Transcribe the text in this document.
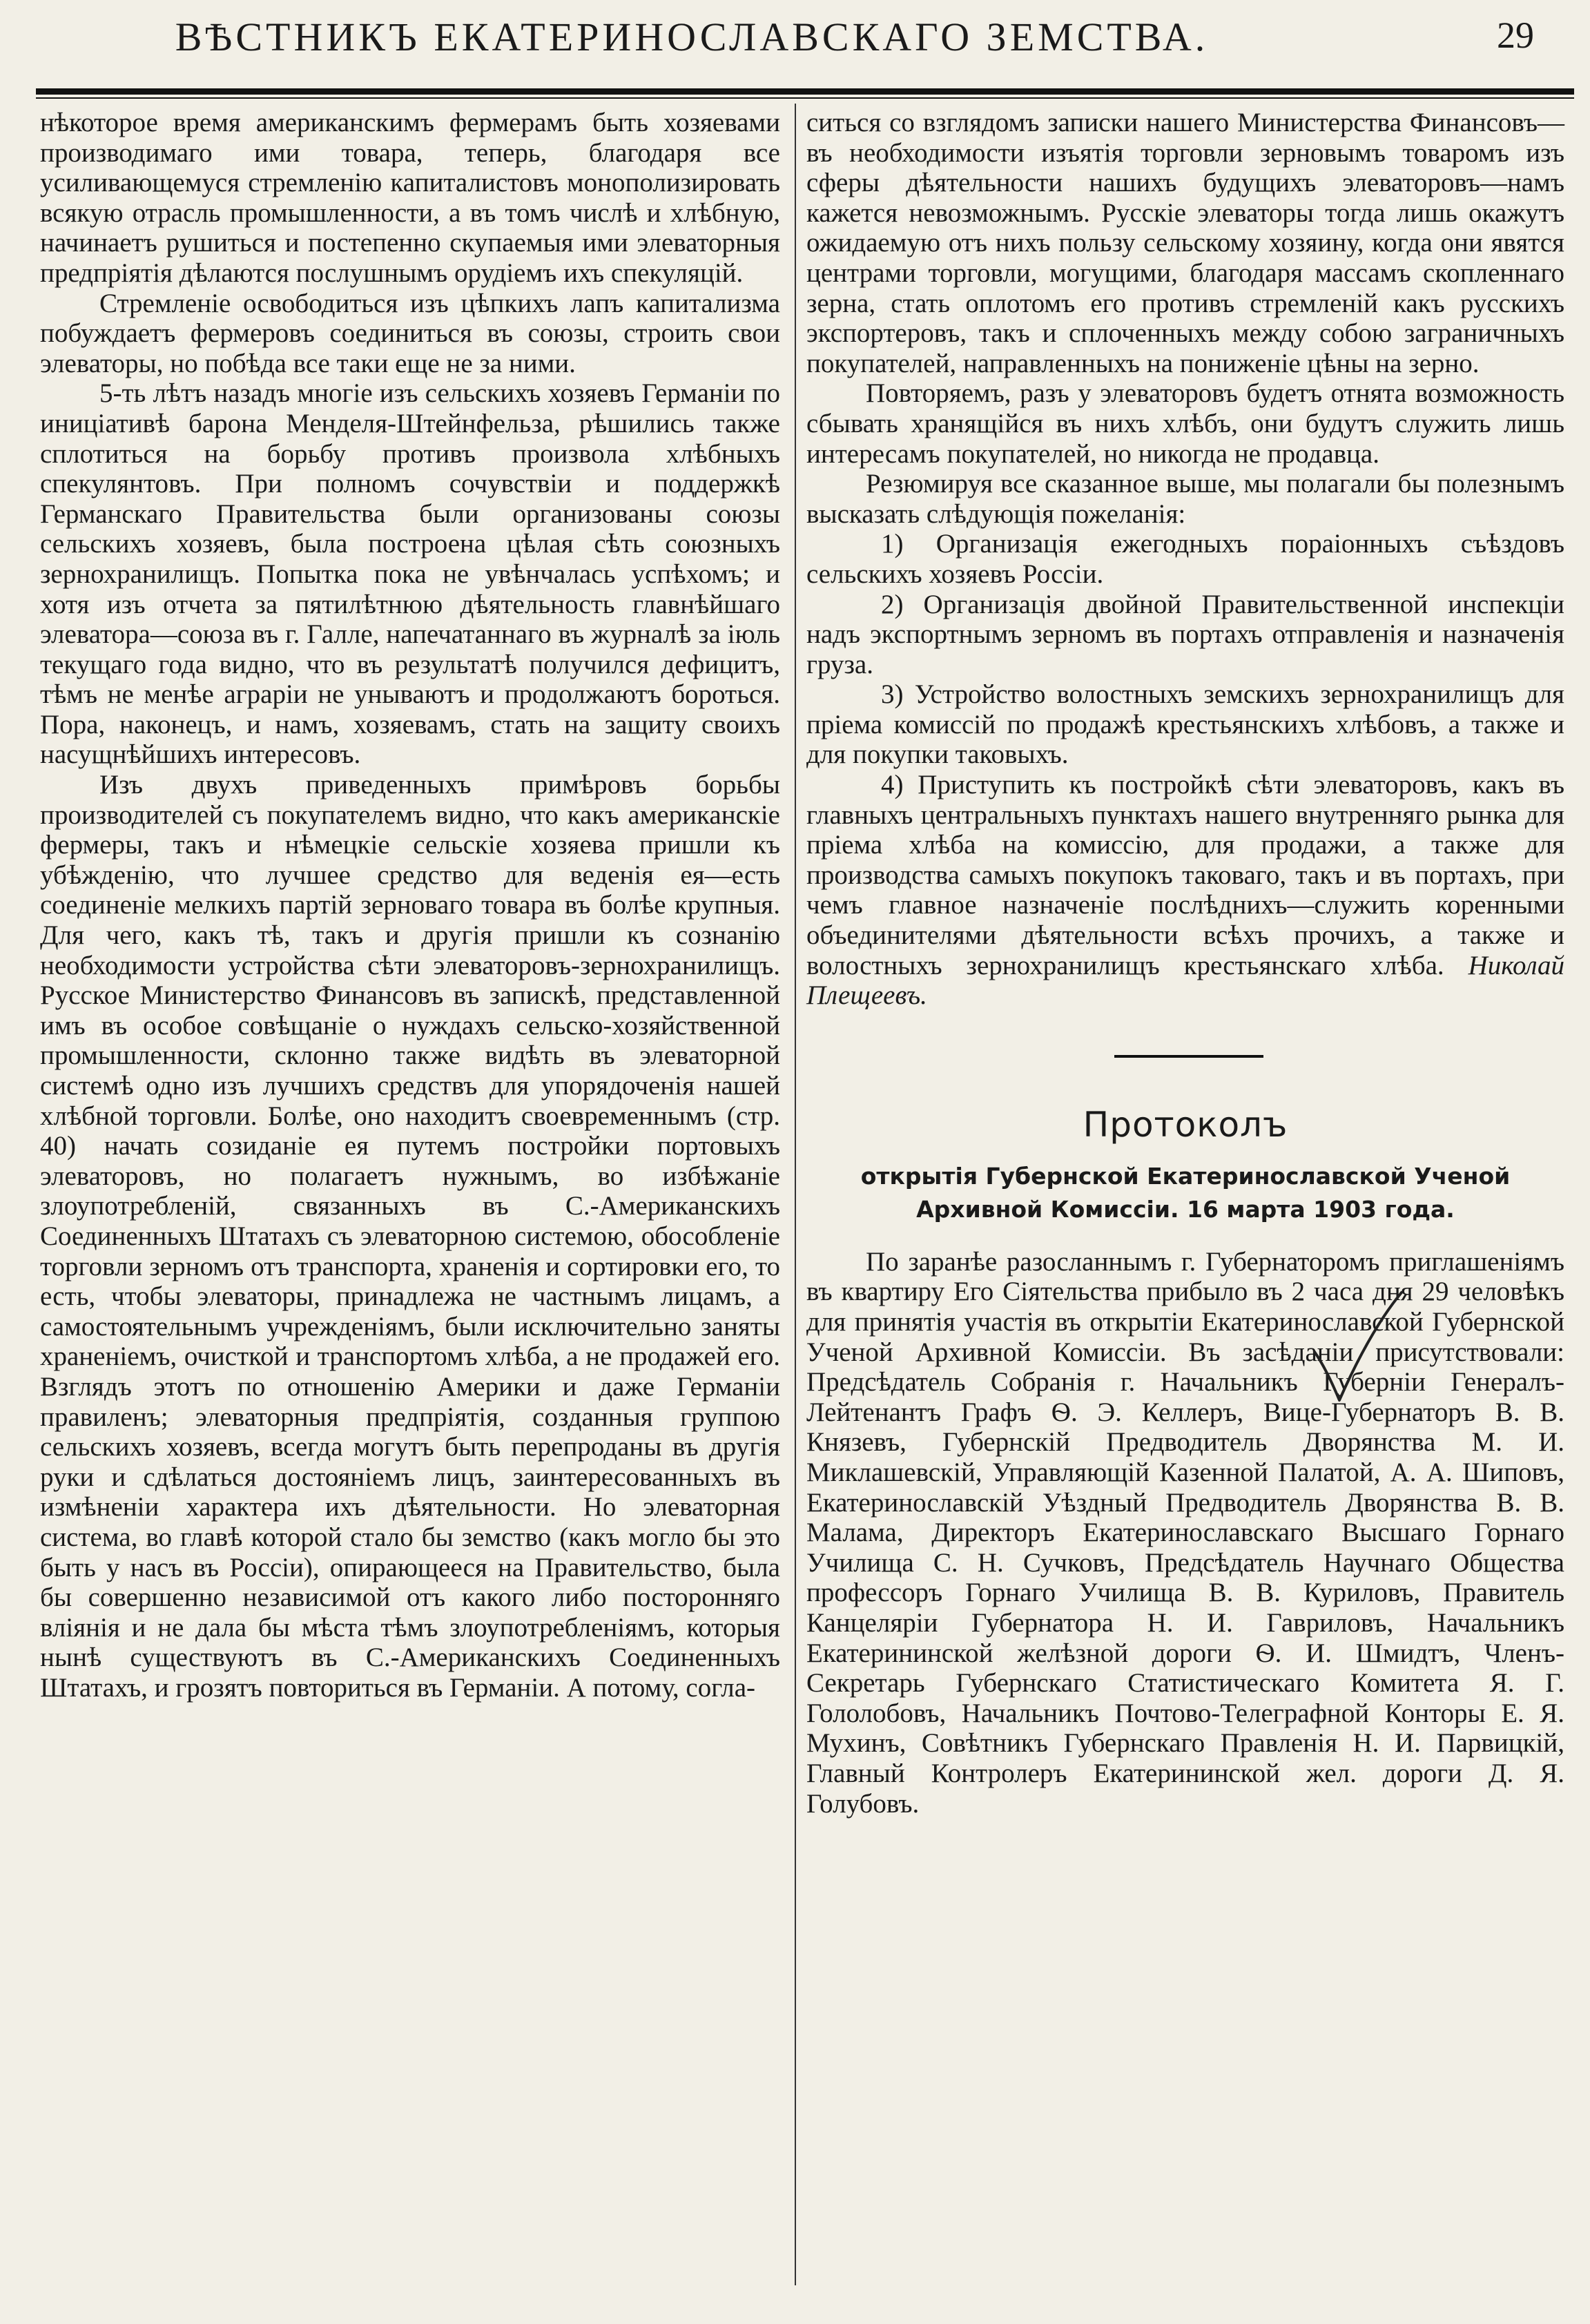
ВѢСТНИКЪ ЕКАТЕРИНОСЛАВСКАГО ЗЕМСТВА.	29

нѣкоторое время американскимъ фермерамъ быть хозяевами производимаго ими товара, теперь, благодаря все усиливающемуся стремленію капиталистовъ монополизировать всякую отрасль промышленности, а въ томъ числѣ и хлѣбную, начинаетъ рушиться и постепенно скупаемыя ими элеваторныя предпріятія дѣлаются послушнымъ орудіемъ ихъ спекуляцій.

Стремленіе освободиться изъ цѣпкихъ лапъ капитализма побуждаетъ фермеровъ соединиться въ союзы, строить свои элеваторы, но побѣда все таки еще не за ними.

5-ть лѣтъ назадъ многіе изъ сельскихъ хозяевъ Германіи по иниціативѣ барона Менделя-Штейнфельза, рѣшились также сплотиться на борьбу противъ произвола хлѣбныхъ спекулянтовъ. При полномъ сочувствіи и поддержкѣ Германскаго Правительства были организованы союзы сельскихъ хозяевъ, была построена цѣлая сѣть союзныхъ зернохранилищъ. Попытка пока не увѣнчалась успѣхомъ; и хотя изъ отчета за пятилѣтнюю дѣятельность главнѣйшаго элеватора—союза въ г. Галле, напечатаннаго въ журналѣ за іюль текущаго года видно, что въ результатѣ получился дефицитъ, тѣмъ не менѣе аграріи не унываютъ и продолжаютъ бороться. Пора, наконецъ, и намъ, хозяевамъ, стать на защиту своихъ насущнѣйшихъ интересовъ.

Изъ двухъ приведенныхъ примѣровъ борьбы производителей съ покупателемъ видно, что какъ американскіе фермеры, такъ и нѣмецкіе сельскіе хозяева пришли къ убѣжденію, что лучшее средство для веденія ея—есть соединеніе мелкихъ партій зерноваго товара въ болѣе крупныя. Для чего, какъ тѣ, такъ и другія пришли къ сознанію необходимости устройства сѣти элеваторовъ-зернохранилищъ. Русское Министерство Финансовъ въ запискѣ, представленной имъ въ особое совѣщаніе о нуждахъ сельско-хозяйственной промышленности, склонно также видѣть въ элеваторной системѣ одно изъ лучшихъ средствъ для упорядоченія нашей хлѣбной торговли. Болѣе, оно находитъ своевременнымъ (стр. 40) начать созиданіе ея путемъ постройки портовыхъ элеваторовъ, но полагаетъ нужнымъ, во избѣжаніе злоупотребленій, связанныхъ въ С.-Американскихъ Соединенныхъ Штатахъ съ элеваторною системою, обособленіе торговли зерномъ отъ транспорта, храненія и сортировки его, то есть, чтобы элеваторы, принадлежа не частнымъ лицамъ, а самостоятельнымъ учрежденіямъ, были исключительно заняты храненіемъ, очисткой и транспортомъ хлѣба, а не продажей его. Взглядъ этотъ по отношенію Америки и даже Германіи правиленъ; элеваторныя предпріятія, созданныя группою сельскихъ хозяевъ, всегда могутъ быть перепроданы въ другія руки и сдѣлаться достояніемъ лицъ, заинтересованныхъ въ измѣненіи характера ихъ дѣятельности. Но элеваторная система, во главѣ которой стало бы земство (какъ могло бы это быть у насъ въ Россіи), опирающееся на Правительство, была бы совершенно независимой отъ какого либо посторонняго вліянія и не дала бы мѣста тѣмъ злоупотребленіямъ, которыя нынѣ существуютъ въ С.-Американскихъ Соединенныхъ Штатахъ, и грозятъ повториться въ Германіи. А потому, согла-

ситься со взглядомъ записки нашего Министерства Финансовъ—въ необходимости изъятія торговли зерновымъ товаромъ изъ сферы дѣятельности нашихъ будущихъ элеваторовъ—намъ кажется невозможнымъ. Русскіе элеваторы тогда лишь окажутъ ожидаемую отъ нихъ пользу сельскому хозяину, когда они явятся центрами торговли, могущими, благодаря массамъ скопленнаго зерна, стать оплотомъ его противъ стремленій какъ русскихъ экспортеровъ, такъ и сплоченныхъ между собою заграничныхъ покупателей, направленныхъ на пониженіе цѣны на зерно.

Повторяемъ, разъ у элеваторовъ будетъ отнята возможность сбывать хранящійся въ нихъ хлѣбъ, они будутъ служить лишь интересамъ покупателей, но никогда не продавца.

Резюмируя все сказанное выше, мы полагали бы полезнымъ высказать слѣдующія пожеланія:

1) Организація ежегодныхъ пораіонныхъ съѣздовъ сельскихъ хозяевъ Россіи.

2) Организація двойной Правительственной инспекціи надъ экспортнымъ зерномъ въ портахъ отправленія и назначенія груза.

3) Устройство волостныхъ земскихъ зернохранилищъ для пріема комиссій по продажѣ крестьянскихъ хлѣбовъ, а также и для покупки таковыхъ.

4) Приступить къ постройкѣ сѣти элеваторовъ, какъ въ главныхъ центральныхъ пунктахъ нашего внутренняго рынка для пріема хлѣба на комиссію, для продажи, а также для производства самыхъ покупокъ таковаго, такъ и въ портахъ, при чемъ главное назначеніе послѣднихъ—служить коренными объединителями дѣятельности всѣхъ прочихъ, а также и волостныхъ зернохранилищъ крестьянскаго хлѣба. Николай Плещеевъ.

Протоколъ
открытія Губернской Екатеринославской Ученой Архивной Комиссіи. 16 марта 1903 года.

По заранѣе разосланнымъ г. Губернаторомъ приглашеніямъ въ квартиру Его Сіятельства прибыло въ 2 часа дня 29 человѣкъ для принятія участія въ открытіи Екатеринославской Губернской Ученой Архивной Комиссіи. Въ засѣданіи присутствовали: Предсѣдатель Собранія г. Начальникъ Губерніи Генералъ-Лейтенантъ Графъ Ѳ. Э. Келлеръ, Вице-Губернаторъ В. В. Князевъ, Губернскій Предводитель Дворянства М. И. Миклашевскій, Управляющій Казенной Палатой, А. А. Шиповъ, Екатеринославскій Уѣздный Предводитель Дворянства В. В. Малама, Директоръ Екатеринославскаго Высшаго Горнаго Училища С. Н. Сучковъ, Предсѣдатель Научнаго Общества профессоръ Горнаго Училища В. В. Куриловъ, Правитель Канцеляріи Губернатора Н. И. Гавриловъ, Начальникъ Екатерининской желѣзной дороги Ѳ. И. Шмидтъ, Членъ-Секретарь Губернскаго Статистическаго Комитета Я. Г. Гололобовъ, Начальникъ Почтово-Телеграфной Конторы Е. Я. Мухинъ, Совѣтникъ Губернскаго Правленія Н. И. Парвицкій, Главный Контролеръ Екатерининской жел. дороги Д. Я. Голубовъ.
